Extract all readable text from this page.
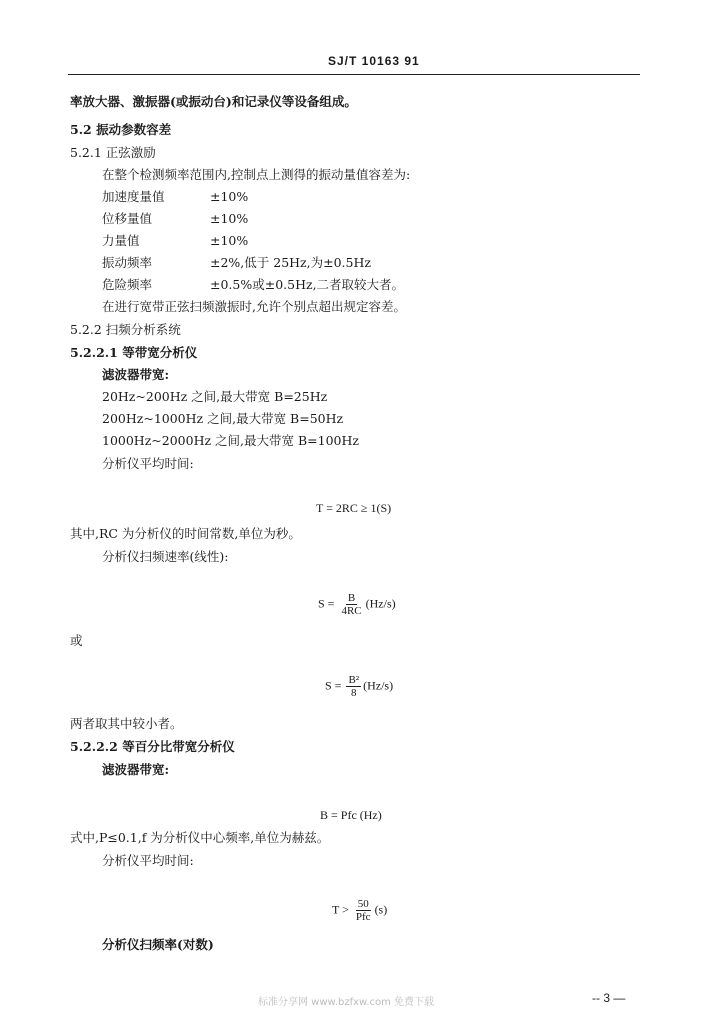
SJ/T 10163 91
率放大器、激振器(或振动台)和记录仪等设备组成。
5.2 振动参数容差
5.2.1 正弦激励
在整个检测频率范围内,控制点上测得的振动量值容差为:
加速度量值	±10%
位移量值	±10%
力量值	±10%
振动频率	±2%,低于 25Hz,为±0.5Hz
危险频率	±0.5%或±0.5Hz,二者取较大者。
在进行宽带正弦扫频激振时,允许个别点超出规定容差。
5.2.2 扫频分析系统
5.2.2.1 等带宽分析仪
滤波器带宽:
20Hz~200Hz 之间,最大带宽 B=25Hz
200Hz~1000Hz 之间,最大带宽 B=50Hz
1000Hz~2000Hz 之间,最大带宽 B=100Hz
分析仪平均时间:
T = 2RC ≥ 1(S)
其中,RC 为分析仪的时间常数,单位为秒。
分析仪扫频速率(线性):
$S = \frac{B}{4RC} (Hz/s)$
或
$S = \frac{\text{B²}}{8} (Hz/s)$
两者取其中较小者。
5.2.2.2 等百分比带宽分析仪
滤波器带宽:
B = Pfc (Hz)
式中,P≤0.1,f 为分析仪中心频率,单位为赫兹。
分析仪平均时间:
$T > \frac{50}{\text{Pfc}} (s)$
分析仪扫频率(对数)
标准分享网 www.bzfxw.com 免费下载	-- 3 —
